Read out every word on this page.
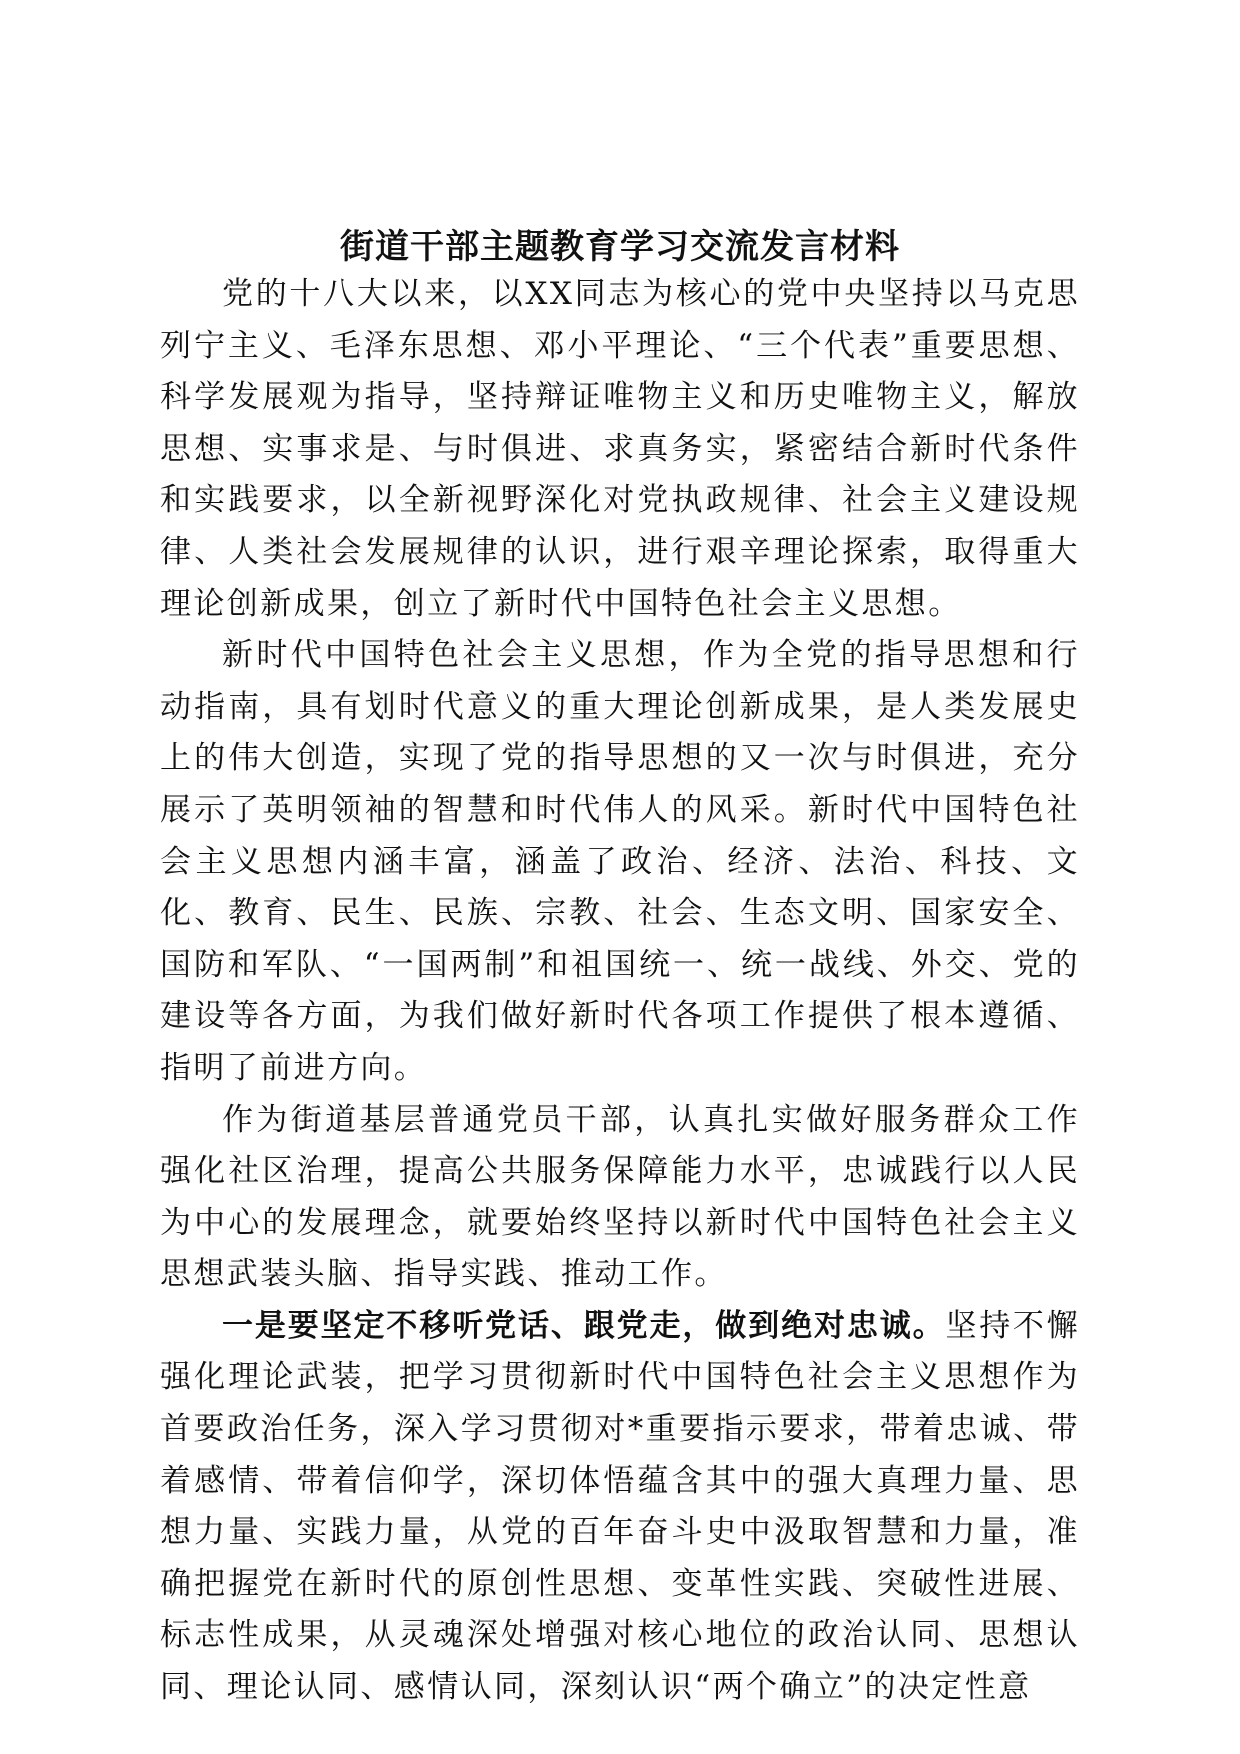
街道干部主题教育学习交流发言材料

党的十八大以来，以XX同志为核心的党中央坚持以马克思列宁主义、毛泽东思想、邓小平理论、“三个代表”重要思想、科学发展观为指导，坚持辩证唯物主义和历史唯物主义，解放思想、实事求是、与时俱进、求真务实，紧密结合新时代条件和实践要求，以全新视野深化对党执政规律、社会主义建设规律、人类社会发展规律的认识，进行艰辛理论探索，取得重大理论创新成果，创立了新时代中国特色社会主义思想。

新时代中国特色社会主义思想，作为全党的指导思想和行动指南，具有划时代意义的重大理论创新成果，是人类发展史上的伟大创造，实现了党的指导思想的又一次与时俱进，充分展示了英明领袖的智慧和时代伟人的风采。新时代中国特色社会主义思想内涵丰富，涵盖了政治、经济、法治、科技、文化、教育、民生、民族、宗教、社会、生态文明、国家安全、国防和军队、“一国两制”和祖国统一、统一战线、外交、党的建设等各方面，为我们做好新时代各项工作提供了根本遵循、指明了前进方向。

作为街道基层普通党员干部，认真扎实做好服务群众工作强化社区治理，提高公共服务保障能力水平，忠诚践行以人民为中心的发展理念，就要始终坚持以新时代中国特色社会主义思想武装头脑、指导实践、推动工作。

一是要坚定不移听党话、跟党走，做到绝对忠诚。坚持不懈强化理论武装，把学习贯彻新时代中国特色社会主义思想作为首要政治任务，深入学习贯彻对*重要指示要求，带着忠诚、带着感情、带着信仰学，深切体悟蕴含其中的强大真理力量、思想力量、实践力量，从党的百年奋斗史中汲取智慧和力量，准确把握党在新时代的原创性思想、变革性实践、突破性进展、标志性成果，从灵魂深处增强对核心地位的政治认同、思想认同、理论认同、感情认同，深刻认识“两个确立”的决定性意
